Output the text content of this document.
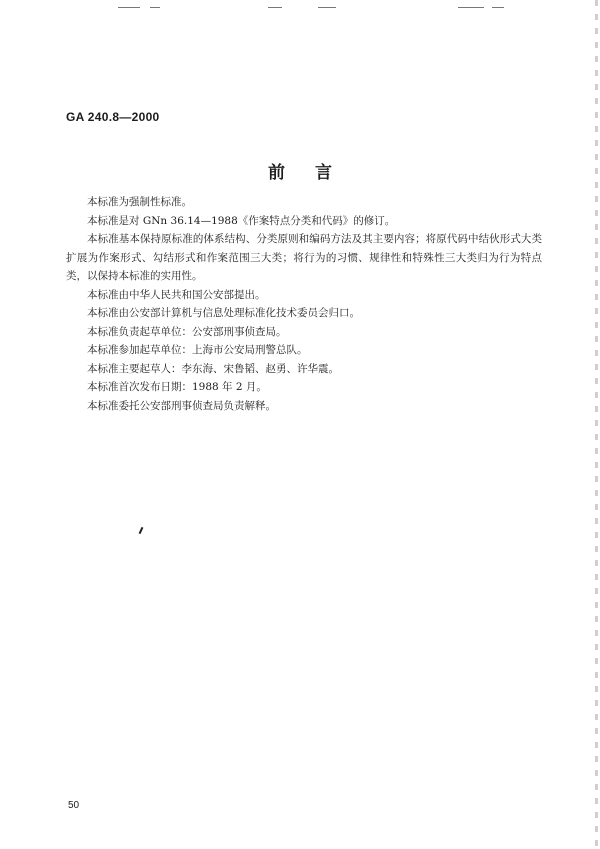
GA 240.8—2000
前言

本标准为强制性标准。

本标准是对 GNn 36.14—1988《作案特点分类和代码》的修订。

本标准基本保持原标准的体系结构、分类原则和编码方法及其主要内容；将原代码中结伙形式大类扩展为作案形式、勾结形式和作案范围三大类；将行为的习惯、规律性和特殊性三大类归为行为特点类，以保持本标准的实用性。

本标准由中华人民共和国公安部提出。

本标准由公安部计算机与信息处理标准化技术委员会归口。

本标准负责起草单位：公安部刑事侦查局。

本标准参加起草单位：上海市公安局刑警总队。

本标准主要起草人：李东海、宋鲁韬、赵勇、许华震。

本标准首次发布日期：1988 年 2 月。

本标准委托公安部刑事侦查局负责解释。

50
